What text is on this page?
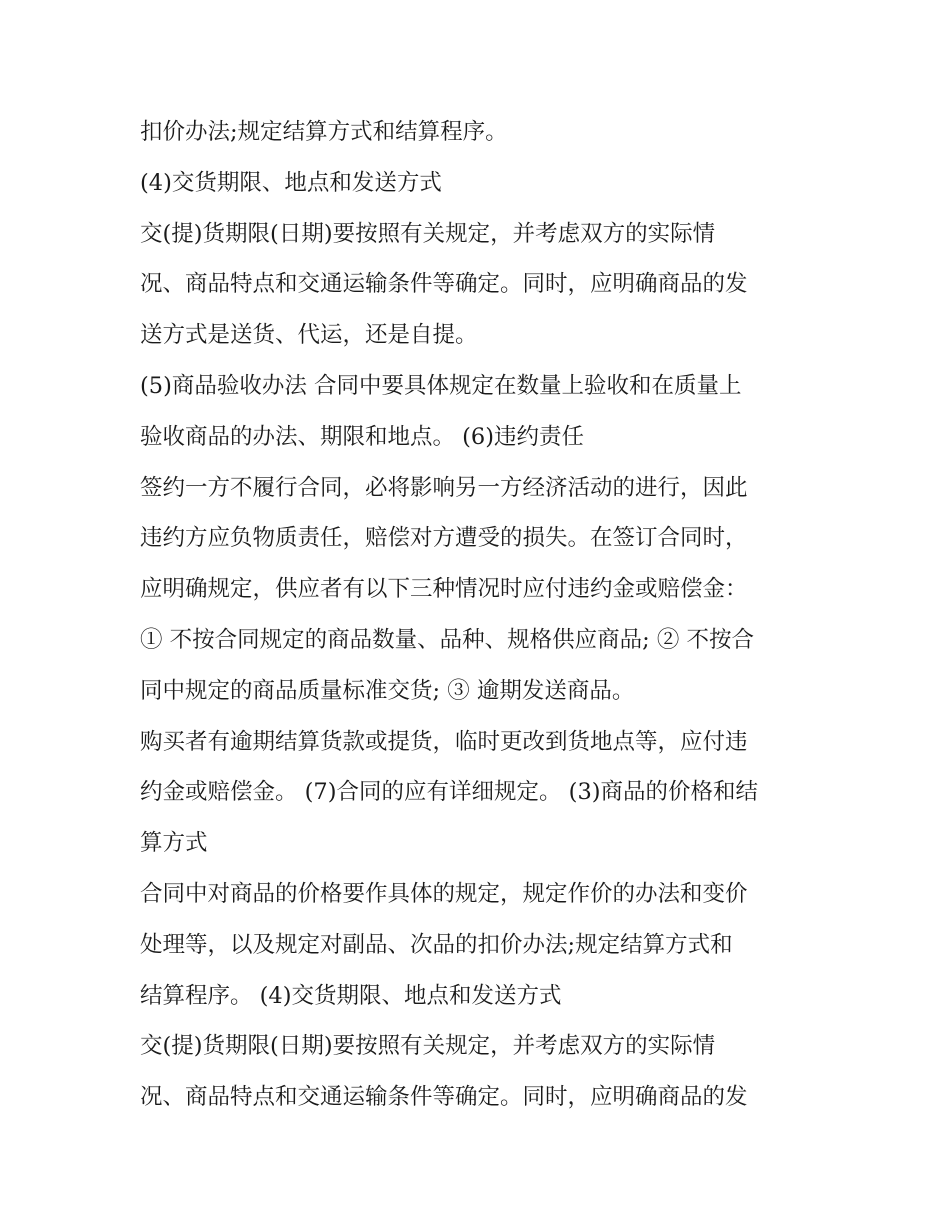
扣价办法;规定结算方式和结算程序。

(4)交货期限、地点和发送方式

交(提)货期限(日期)要按照有关规定，并考虑双方的实际情

况、商品特点和交通运输条件等确定。同时，应明确商品的发

送方式是送货、代运，还是自提。

(5)商品验收办法 合同中要具体规定在数量上验收和在质量上

验收商品的办法、期限和地点。 (6)违约责任

签约一方不履行合同，必将影响另一方经济活动的进行，因此

违约方应负物质责任，赔偿对方遭受的损失。在签订合同时，

应明确规定，供应者有以下三种情况时应付违约金或赔偿金：

① 不按合同规定的商品数量、品种、规格供应商品; ② 不按合

同中规定的商品质量标准交货; ③ 逾期发送商品。

购买者有逾期结算货款或提货，临时更改到货地点等，应付违

约金或赔偿金。 (7)合同的应有详细规定。 (3)商品的价格和结

算方式

合同中对商品的价格要作具体的规定，规定作价的办法和变价

处理等，以及规定对副品、次品的扣价办法;规定结算方式和

结算程序。 (4)交货期限、地点和发送方式

交(提)货期限(日期)要按照有关规定，并考虑双方的实际情

况、商品特点和交通运输条件等确定。同时，应明确商品的发
